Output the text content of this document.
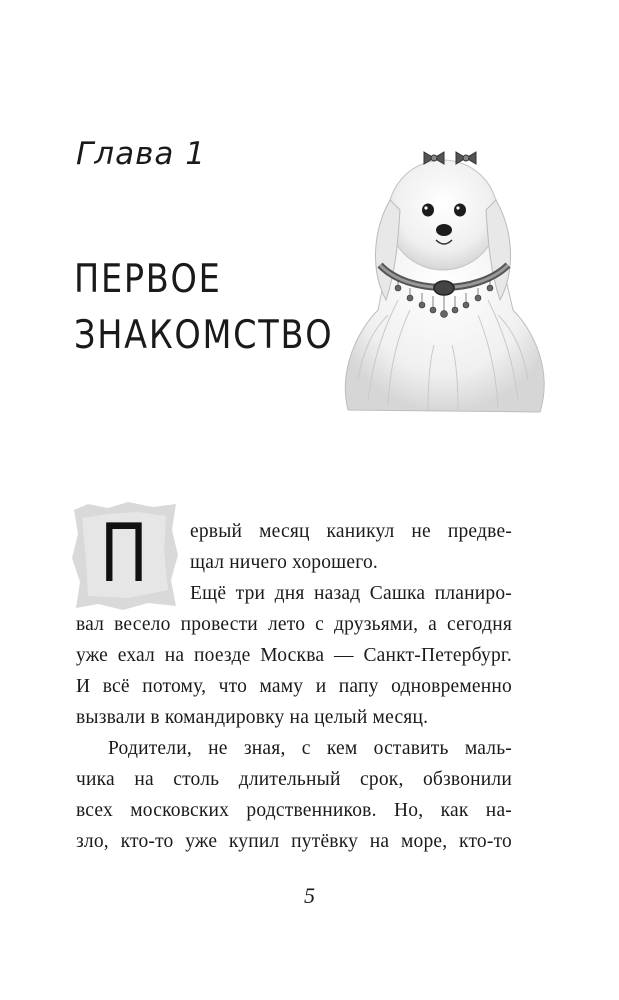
Глава 1
ПЕРВОЕ
ЗНАКОМСТВО
П ервый месяц каникул не предве-
щал ничего хорошего.
Ещё три дня назад Сашка планиро-
вал весело провести лето с друзьями, а сегодня
уже ехал на поезде Москва — Санкт-Петербург.
И всё потому, что маму и папу одновременно
вызвали в командировку на целый месяц.
Родители, не зная, с кем оставить маль-
чика на столь длительный срок, обзвонили
всех московских родственников. Но, как на-
зло, кто-то уже купил путёвку на море, кто-то
5
